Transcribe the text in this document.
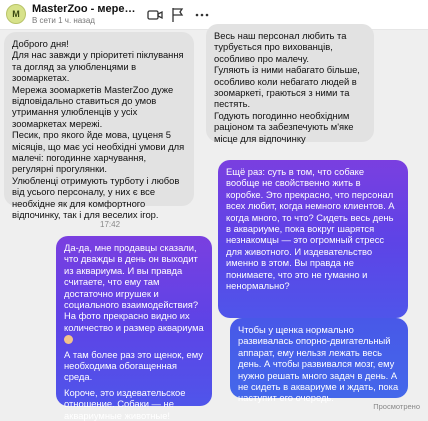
M	MasterZoo - мере…
В сети 1 ч. назад
Доброго дня!
Для нас завжди у пріоритеті піклування та догляд за улюбленцями в зоомаркетах.
Мережа зоомаркетів MasterZoo дуже відповідально ставиться до умов утримання улюбленців у усіх зоомаркетах мережі.
Песик, про якого йде мова, цуценя 5 місяців, що має усі необхідні умови для малечі: погодинне харчування, регулярні прогулянки.
Улюбленці отримують турботу і любов від усього персоналу, у них є все необхідне як для комфортного відпочинку, так і для веселих ігор.
Весь наш персонал любить та турбується про вихованців, особливо про малечу.
Гуляють із ними набагато більше, особливо коли небагато людей в зоомаркеті, граються з ними та пестять.
Годують погодинно необхідним раціоном та забезпечують м'яке місце для відпочинку
Ещё раз: суть в том, что собаке вообще не свойственно жить в коробке. Это прекрасно, что персонал всех любит, когда немного клиентов. А когда много, то что? Сидеть весь день в аквариуме, пока вокруг шарятся незнакомцы — это огромный стресс для животного. И издевательство именно в этом. Вы правда не понимаете, что это не гуманно и ненормально?
17:42
Да-да, мне продавцы сказали, что дважды в день он выходит из аквариума. И вы правда считаете, что ему там достаточно игрушек и социального взаимодействия? На фото прекрасно видно их количество и размер аквариума
А там более раз это щенок, ему необходима обогащенная среда.
Короче, это издевательское отношение. Собаки — не аквариумные животные!
Чтобы у щенка нормально развивалась опорно-двигательный аппарат, ему нельзя лежать весь день. А чтобы развивался мозг, ему нужно решать много задач в день. А не сидеть в аквариуме и ждать, пока наступит его очередь.
Просмотрено
